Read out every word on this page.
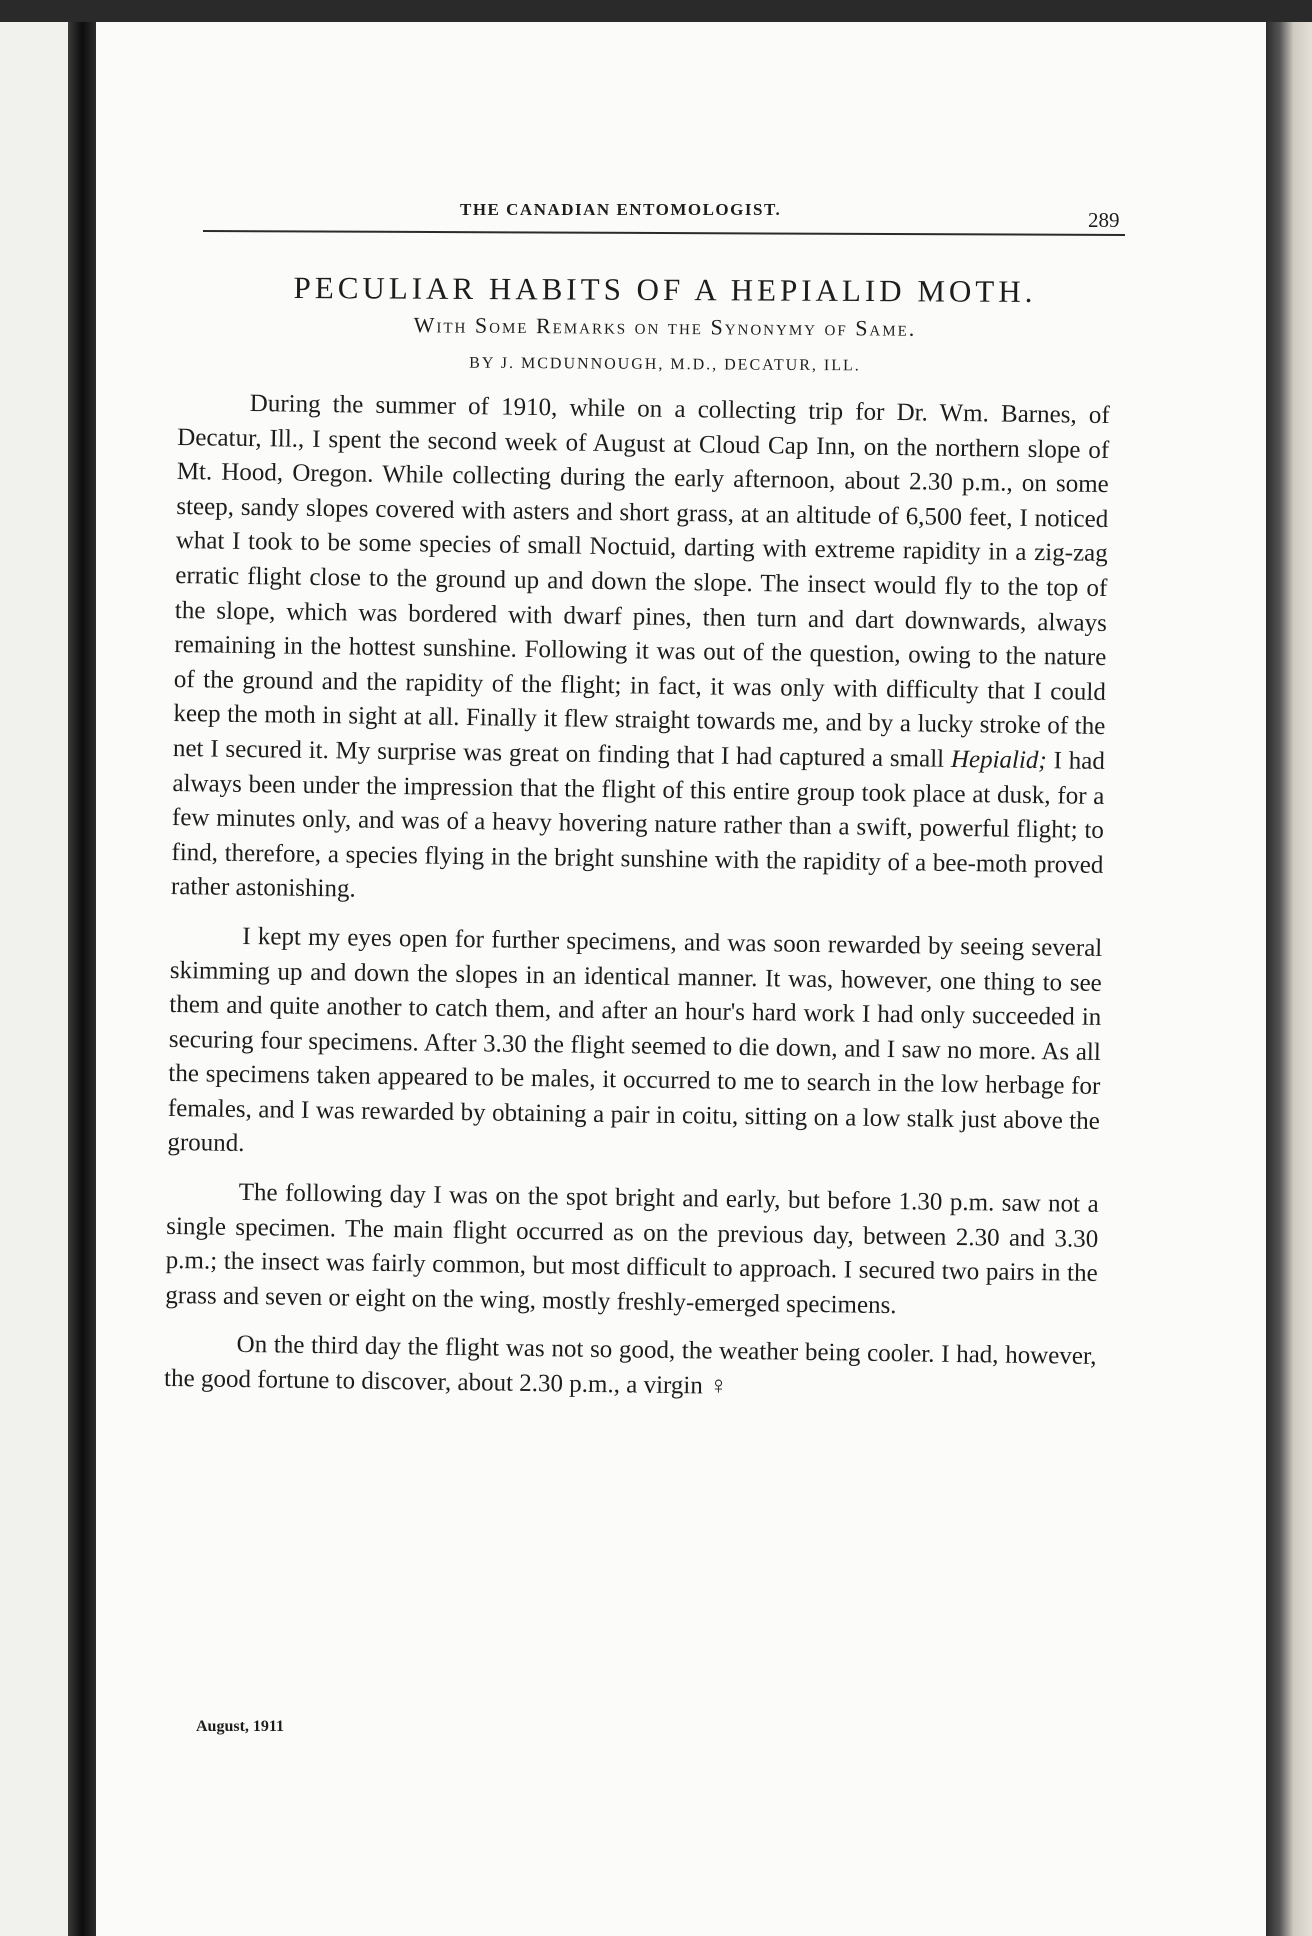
THE CANADIAN ENTOMOLOGIST.	289
PECULIAR HABITS OF A HEPIALID MOTH.
With Some Remarks on the Synonymy of Same.
BY J. MCDUNNOUGH, M.D., DECATUR, ILL.

During the summer of 1910, while on a collecting trip for Dr. Wm. Barnes, of Decatur, Ill., I spent the second week of August at Cloud Cap Inn, on the northern slope of Mt. Hood, Oregon. While collecting during the early afternoon, about 2.30 p.m., on some steep, sandy slopes covered with asters and short grass, at an altitude of 6,500 feet, I noticed what I took to be some species of small Noctuid, darting with extreme rapidity in a zig-zag erratic flight close to the ground up and down the slope. The insect would fly to the top of the slope, which was bordered with dwarf pines, then turn and dart downwards, always remaining in the hottest sunshine. Following it was out of the question, owing to the nature of the ground and the rapidity of the flight; in fact, it was only with difficulty that I could keep the moth in sight at all. Finally it flew straight towards me, and by a lucky stroke of the net I secured it. My surprise was great on finding that I had captured a small Hepialid; I had always been under the impression that the flight of this entire group took place at dusk, for a few minutes only, and was of a heavy hovering nature rather than a swift, powerful flight; to find, therefore, a species flying in the bright sunshine with the rapidity of a bee-moth proved rather astonishing.

I kept my eyes open for further specimens, and was soon rewarded by seeing several skimming up and down the slopes in an identical manner. It was, however, one thing to see them and quite another to catch them, and after an hour's hard work I had only succeeded in securing four specimens. After 3.30 the flight seemed to die down, and I saw no more. As all the specimens taken appeared to be males, it occurred to me to search in the low herbage for females, and I was rewarded by obtaining a pair in coitu, sitting on a low stalk just above the ground.

The following day I was on the spot bright and early, but before 1.30 p.m. saw not a single specimen. The main flight occurred as on the previous day, between 2.30 and 3.30 p.m.; the insect was fairly common, but most difficult to approach. I secured two pairs in the grass and seven or eight on the wing, mostly freshly-emerged specimens.

On the third day the flight was not so good, the weather being cooler. I had, however, the good fortune to discover, about 2.30 p.m., a virgin ♀

August, 1911
